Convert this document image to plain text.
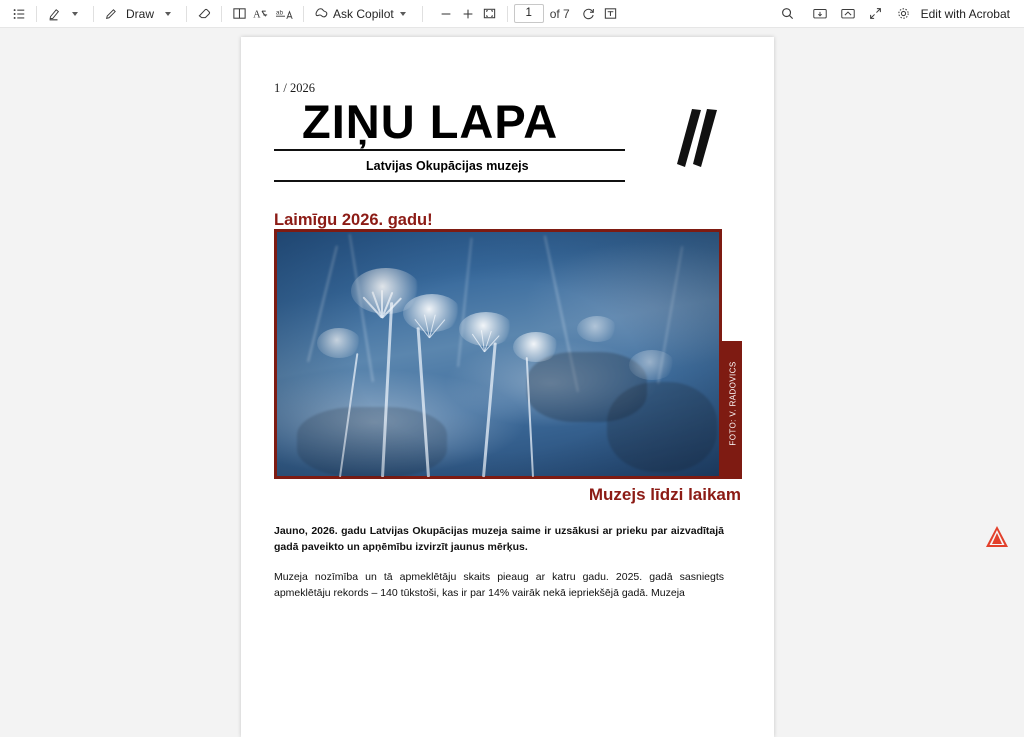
Draw	A ab	Ask Copilot
1	of 7	Edit with Acrobat
1 / 2026
ZIŅU LAPA
Latvijas Okupācijas muzejs
Laimīgu 2026. gadu!
FOTO: V. RADOVICS
Muzejs līdzi laikam
Jauno, 2026. gadu Latvijas Okupācijas muzeja saime ir uzsākusi ar prieku par aizvadītajā gadā paveikto un apņēmību izvirzīt jaunus mērķus.
Muzeja nozīmība un tā apmeklētāju skaits pieaug ar katru gadu. 2025. gadā sasniegts apmeklētāju rekords – 140 tūkstoši, kas ir par 14% vairāk nekā iepriekšējā gadā. Muzeja
